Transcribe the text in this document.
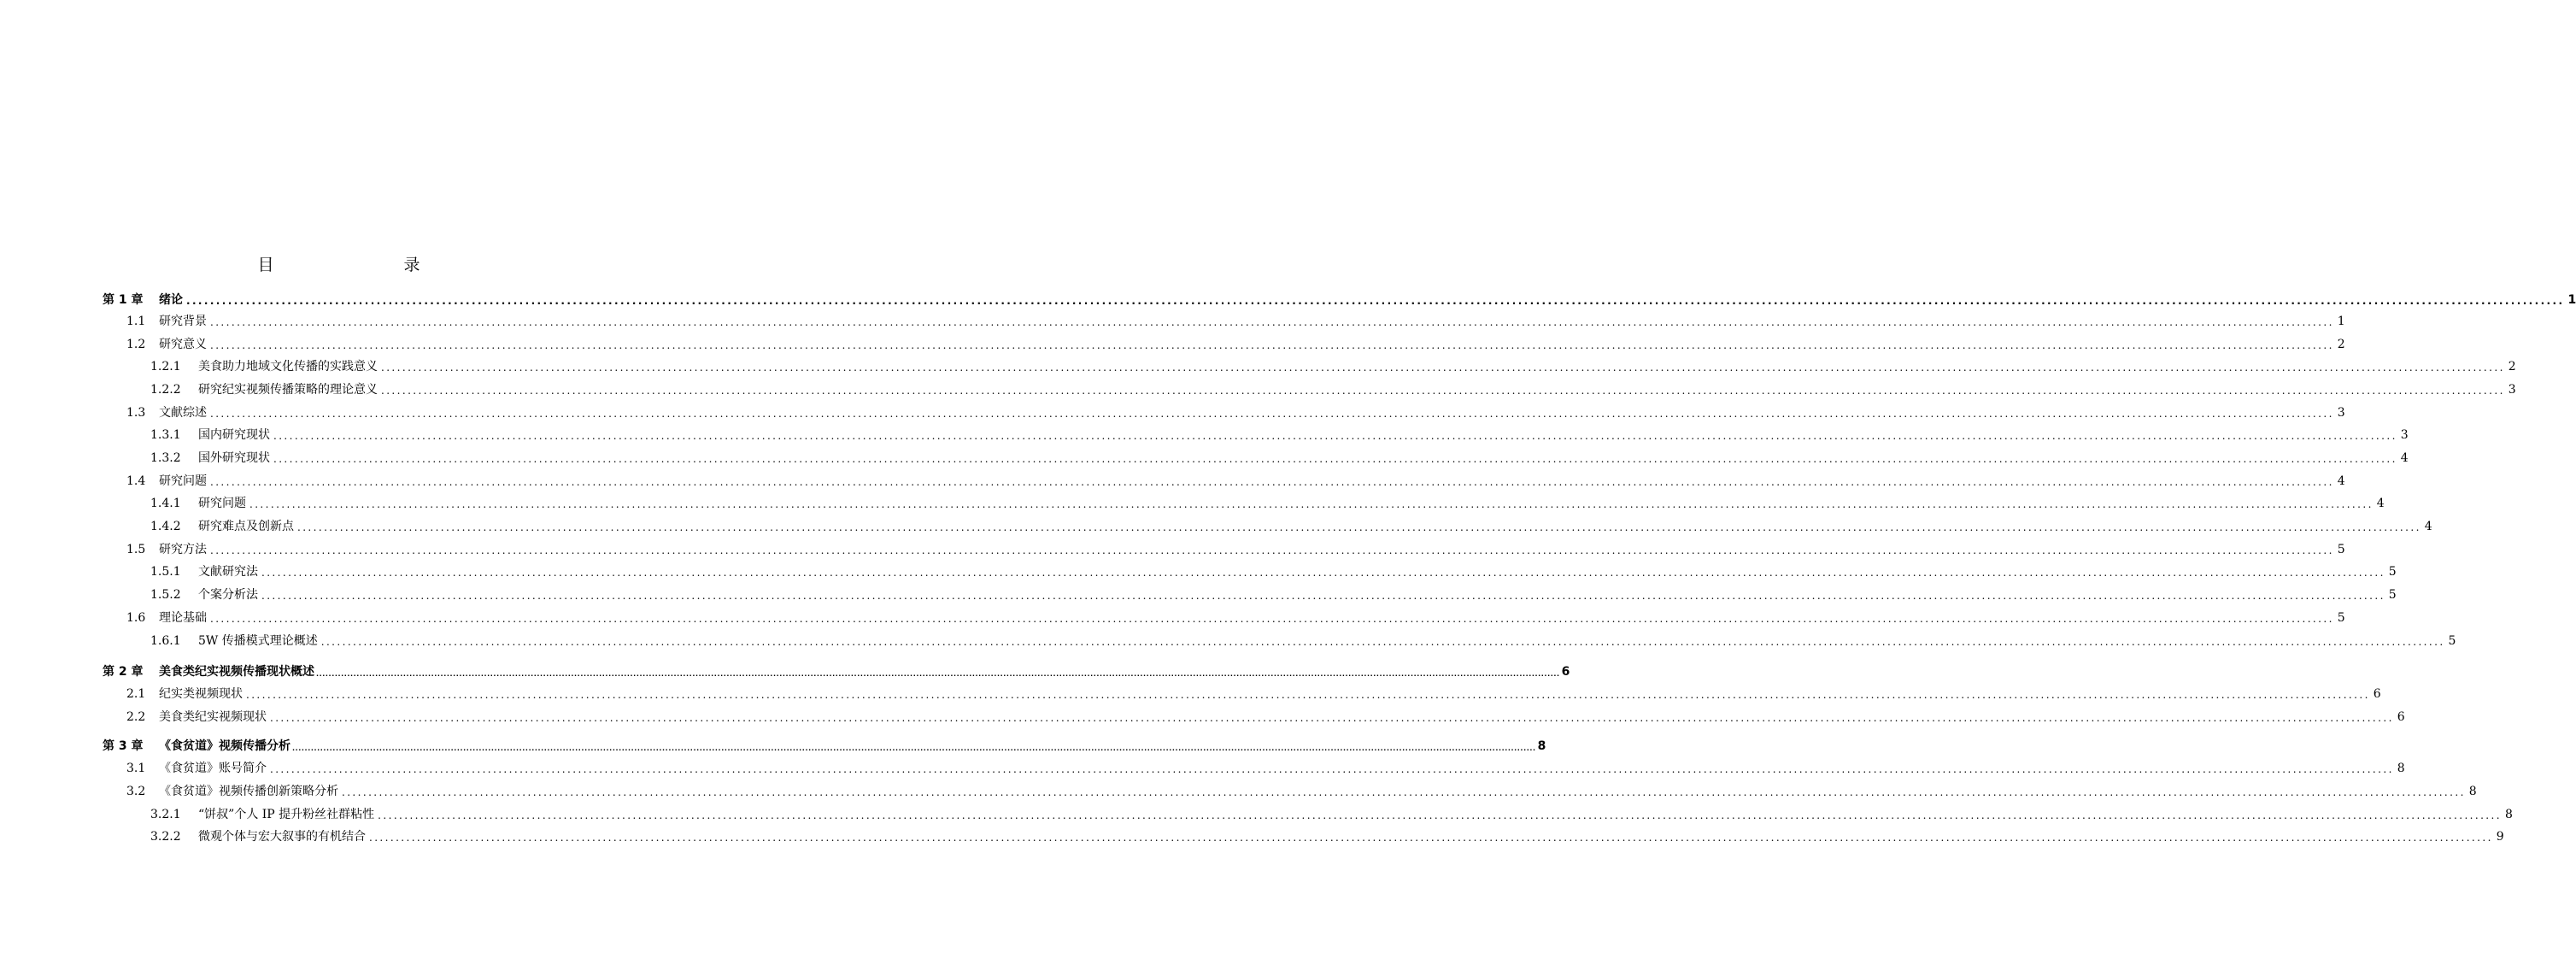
目　　录
第 1 章	绪论 ................................................................................................................................................................................................................................................................................................................................................................................................................ 1
1.1	研究背景 ................................................................................................................................................................................................................................................................................................................................................................................................................ 1
1.2	研究意义 ................................................................................................................................................................................................................................................................................................................................................................................................................ 2
1.2.1	美食助力地域文化传播的实践意义 ................................................................................................................................................................................................................................................................................................................................................................................................................ 2
1.2.2	研究纪实视频传播策略的理论意义 ................................................................................................................................................................................................................................................................................................................................................................................................................ 3
1.3	文献综述 ................................................................................................................................................................................................................................................................................................................................................................................................................ 3
1.3.1	国内研究现状 ................................................................................................................................................................................................................................................................................................................................................................................................................ 3
1.3.2	国外研究现状 ................................................................................................................................................................................................................................................................................................................................................................................................................ 4
1.4	研究问题 ................................................................................................................................................................................................................................................................................................................................................................................................................ 4
1.4.1	研究问题 ................................................................................................................................................................................................................................................................................................................................................................................................................ 4
1.4.2	研究难点及创新点 ................................................................................................................................................................................................................................................................................................................................................................................................................ 4
1.5	研究方法 ................................................................................................................................................................................................................................................................................................................................................................................................................ 5
1.5.1	文献研究法 ................................................................................................................................................................................................................................................................................................................................................................................................................ 5
1.5.2	个案分析法 ................................................................................................................................................................................................................................................................................................................................................................................................................ 5
1.6	理论基础 ................................................................................................................................................................................................................................................................................................................................................................................................................ 5
1.6.1	5W 传播模式理论概述 ................................................................................................................................................................................................................................................................................................................................................................................................................ 5
第 2 章	美食类纪实视频传播现状概述 ................................................................................................................................................................................................................................................................................................................................................................................................................ 6
2.1	纪实类视频现状 ................................................................................................................................................................................................................................................................................................................................................................................................................ 6
2.2	美食类纪实视频现状 ................................................................................................................................................................................................................................................................................................................................................................................................................ 6
第 3 章	《食贫道》视频传播分析 ................................................................................................................................................................................................................................................................................................................................................................................................................ 8
3.1	《食贫道》账号简介 ................................................................................................................................................................................................................................................................................................................................................................................................................ 8
3.2	《食贫道》视频传播创新策略分析 ................................................................................................................................................................................................................................................................................................................................................................................................................ 8
3.2.1	“饼叔”个人 IP 提升粉丝社群粘性 ................................................................................................................................................................................................................................................................................................................................................................................................................ 8
3.2.2	微观个体与宏大叙事的有机结合 ................................................................................................................................................................................................................................................................................................................................................................................................................ 9
